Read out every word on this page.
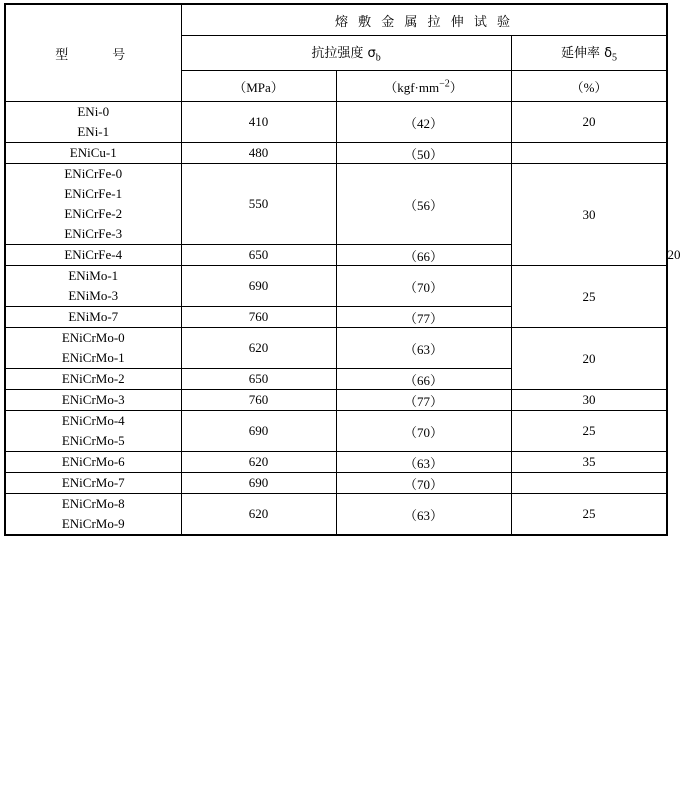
型　　号	熔 敷 金 属 拉 伸 试 验			
	抗拉强度 $\sigma_b$		延伸率 $\delta_5$
	（MPa）	$(kgf\cdot mm^{-2})$	（%）	

ENi-0
ENi-1	410	（42）	20	

ENiCu-1	480	（50）		

ENiCrFe-0
ENiCrFe-1
ENiCrFe-2
ENiCrFe-3	550	（56）	30	

ENiCrFe-4	650	（66）		20

ENiMo-1
ENiMo-3	690	（70）	25	

ENiMo-7	760	（77）		

ENiCrMo-0
ENiCrMo-1	620	（63）	20	

ENiCrMo-2	650	（66）		

ENiCrMo-3	760	（77）	30	

ENiCrMo-4
ENiCrMo-5	690	（70）	25	

ENiCrMo-6	620	（63）	35	

ENiCrMo-7	690	（70）		

ENiCrMo-8
ENiCrMo-9	620	（63）	25	
